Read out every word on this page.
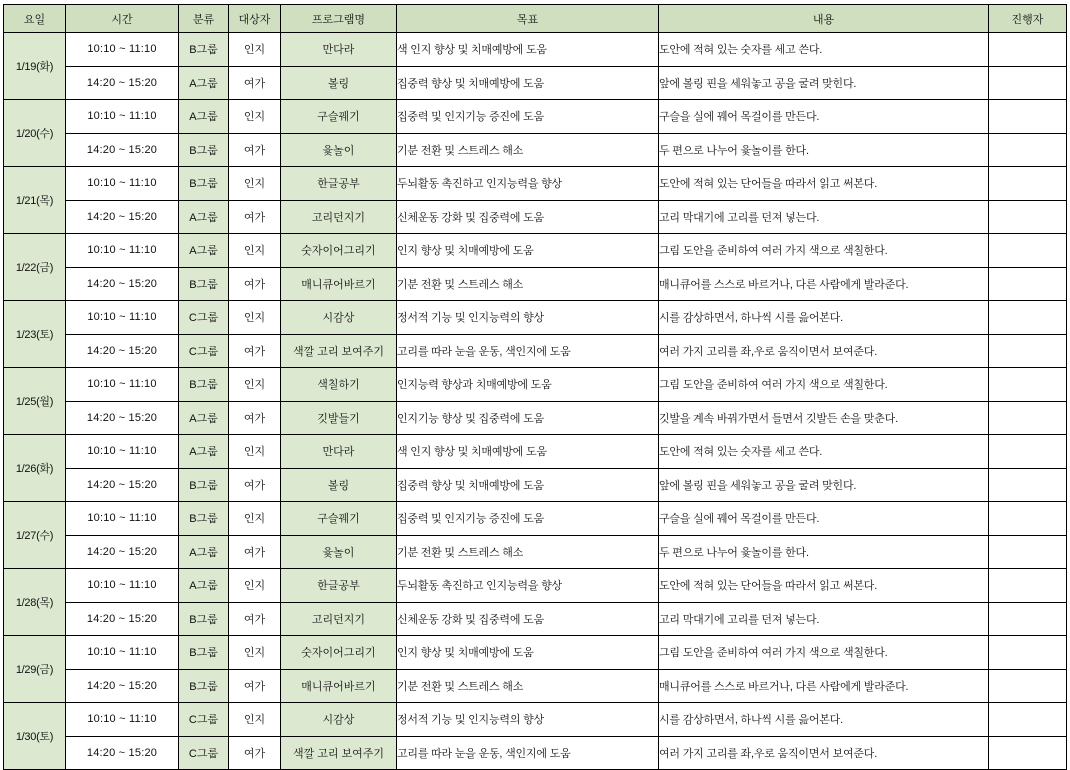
요일	시간	분류	대상자	프로그램명	목표	내용	진행자
1/19(화)	10:10 ~ 11:10	B그룹	인지	만다라	색 인지 향상 및 치매예방에 도움	도안에 적혀 있는 숫자를 세고 쓴다.	
	14:20 ~ 15:20	A그룹	여가	볼링	집중력 향상 및 치매예방에 도움	앞에 볼링 핀을 세워놓고 공을 굴려 맞힌다.	
1/20(수)	10:10 ~ 11:10	A그룹	인지	구슬꿰기	집중력 및 인지기능 증진에 도움	구슬을 실에 꿰어 목걸이를 만든다.	
	14:20 ~ 15:20	B그룹	여가	윷놀이	기분 전환 및 스트레스 해소	두 편으로 나누어 윷놀이를 한다.	
1/21(목)	10:10 ~ 11:10	B그룹	인지	한글공부	두뇌활동 촉진하고 인지능력을 향상	도안에 적혀 있는 단어들을 따라서 읽고 써본다.	
	14:20 ~ 15:20	A그룹	여가	고리던지기	신체운동 강화 및 집중력에 도움	고리 막대기에 고리를 던져 넣는다.	
1/22(금)	10:10 ~ 11:10	A그룹	인지	숫자이어그리기	인지 향상 및 치매예방에 도움	그림 도안을 준비하여 여러 가지 색으로 색칠한다.	
	14:20 ~ 15:20	B그룹	여가	매니큐어바르기	기분 전환 및 스트레스 해소	매니큐어를 스스로 바르거나, 다른 사람에게 발라준다.	
1/23(토)	10:10 ~ 11:10	C그룹	인지	시감상	정서적 기능 및 인지능력의 향상	시를 감상하면서, 하나씩 시를 읊어본다.	
	14:20 ~ 15:20	C그룹	여가	색깔 고리 보여주기	고리를 따라 눈을 운동, 색인지에 도움	여러 가지 고리를 좌,우로 움직이면서 보여준다.	
1/25(월)	10:10 ~ 11:10	B그룹	인지	색칠하기	인지능력 향상과 치매예방에 도움	그림 도안을 준비하여 여러 가지 색으로 색칠한다.	
	14:20 ~ 15:20	A그룹	여가	깃발들기	인지기능 향상 및 집중력에 도움	깃발을 계속 바꿔가면서 들면서 깃발든 손을 맞춘다.	
1/26(화)	10:10 ~ 11:10	A그룹	인지	만다라	색 인지 향상 및 치매예방에 도움	도안에 적혀 있는 숫자를 세고 쓴다.	
	14:20 ~ 15:20	B그룹	여가	볼링	집중력 향상 및 치매예방에 도움	앞에 볼링 핀을 세워놓고 공을 굴려 맞힌다.	
1/27(수)	10:10 ~ 11:10	B그룹	인지	구슬꿰기	집중력 및 인지기능 증진에 도움	구슬을 실에 꿰어 목걸이를 만든다.	
	14:20 ~ 15:20	A그룹	여가	윷놀이	기분 전환 및 스트레스 해소	두 편으로 나누어 윷놀이를 한다.	
1/28(목)	10:10 ~ 11:10	A그룹	인지	한글공부	두뇌활동 촉진하고 인지능력을 향상	도안에 적혀 있는 단어들을 따라서 읽고 써본다.	
	14:20 ~ 15:20	B그룹	여가	고리던지기	신체운동 강화 및 집중력에 도움	고리 막대기에 고리를 던져 넣는다.	
1/29(금)	10:10 ~ 11:10	B그룹	인지	숫자이어그리기	인지 향상 및 치매예방에 도움	그림 도안을 준비하여 여러 가지 색으로 색칠한다.	
	14:20 ~ 15:20	B그룹	여가	매니큐어바르기	기분 전환 및 스트레스 해소	매니큐어를 스스로 바르거나, 다른 사람에게 발라준다.	
1/30(토)	10:10 ~ 11:10	C그룹	인지	시감상	정서적 기능 및 인지능력의 향상	시를 감상하면서, 하나씩 시를 읊어본다.	
	14:20 ~ 15:20	C그룹	여가	색깔 고리 보여주기	고리를 따라 눈을 운동, 색인지에 도움	여러 가지 고리를 좌,우로 움직이면서 보여준다.	
